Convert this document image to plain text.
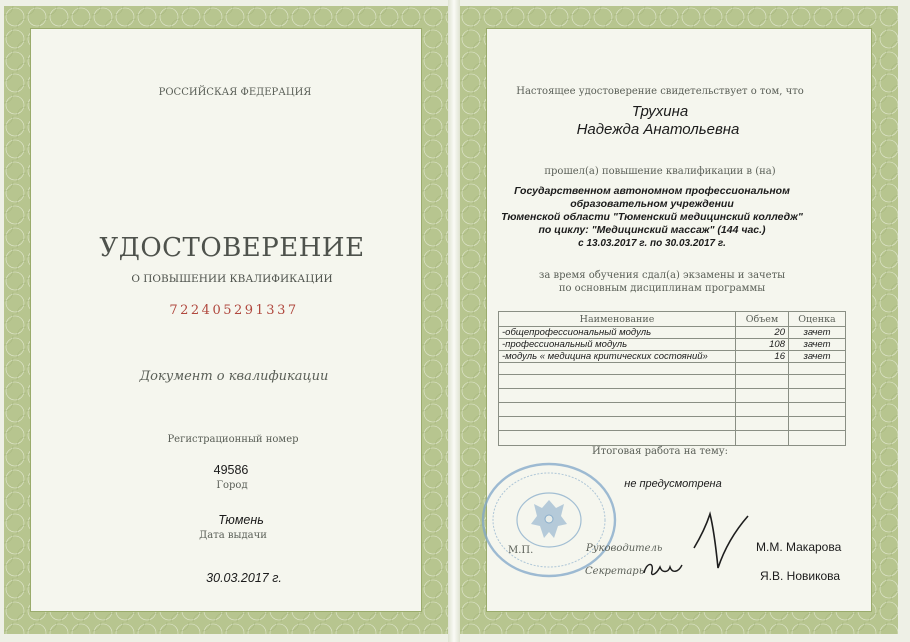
РОССИЙСКАЯ ФЕДЕРАЦИЯ
УДОСТОВЕРЕНИЕ
О ПОВЫШЕНИИ КВАЛИФИКАЦИИ
722405291337
Документ о квалификации
Регистрационный номер
49586
Город
Тюмень
Дата выдачи
30.03.2017 г.
Настоящее удостоверение свидетельствует о том, что
Трухина
Надежда Анатольевна
прошел(а) повышение квалификации в (на)
Государственном автономном профессиональном
образовательном учреждении
Тюменской области "Тюменский медицинский колледж"
по циклу: "Медицинский массаж" (144 час.)
с 13.03.2017 г. по 30.03.2017 г.
за время обучения сдал(а) экзамены и зачеты
по основным дисциплинам программы
Наименование	Объем	Оценка
-общепрофессиональный модуль	20	зачет
-профессиональный модуль	108	зачет
-модуль « медицина критических состояний»	16	зачет

Итоговая работа на тему:
не предусмотрена
М.П.	Руководитель
Секретарь
М.М. Макарова
Я.В. Новикова
